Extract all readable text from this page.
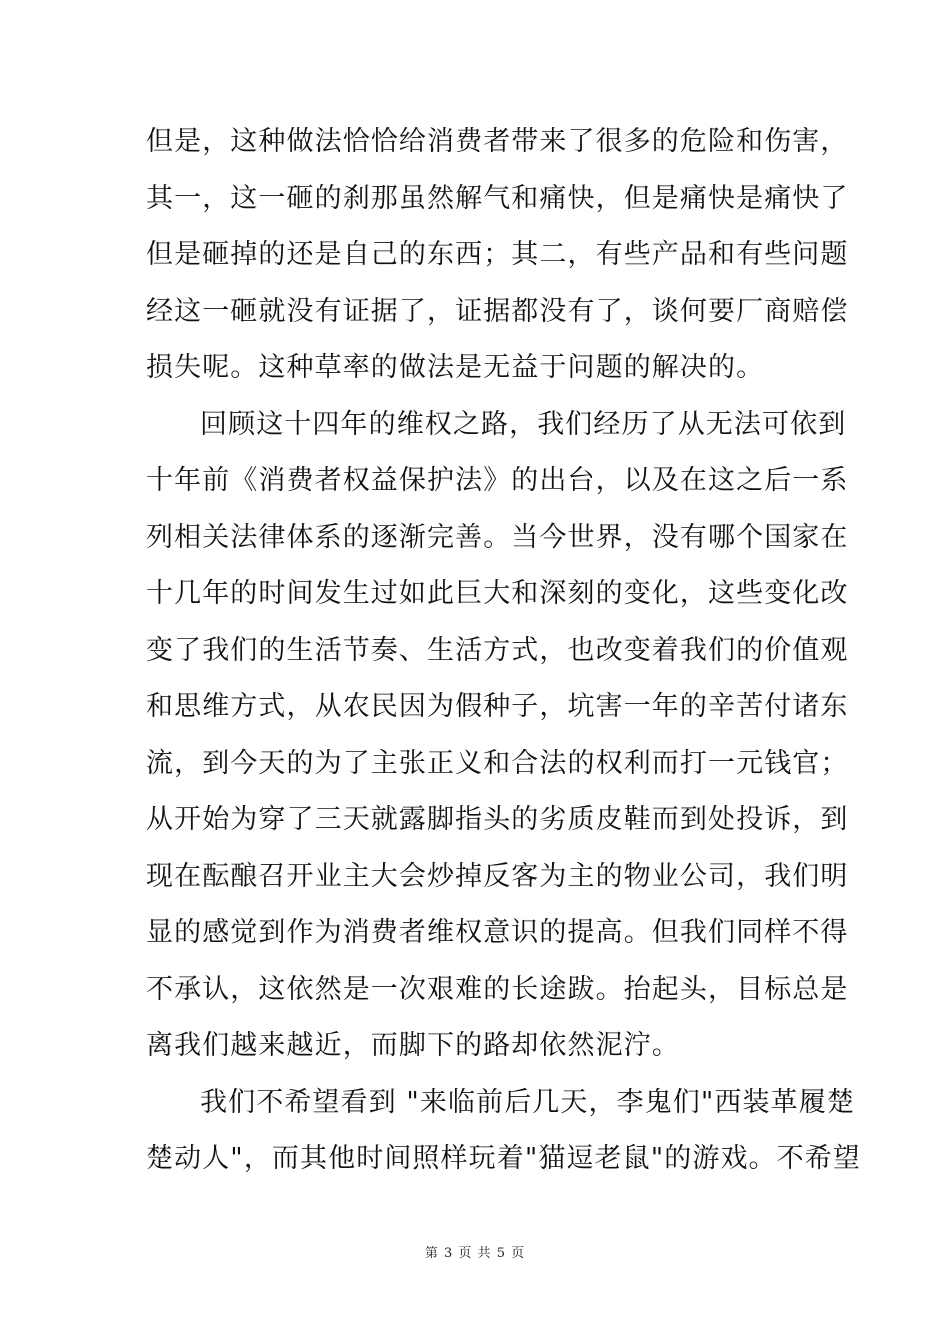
但是，这种做法恰恰给消费者带来了很多的危险和伤害，
其一，这一砸的刹那虽然解气和痛快，但是痛快是痛快了
但是砸掉的还是自己的东西；其二，有些产品和有些问题
经这一砸就没有证据了，证据都没有了，谈何要厂商赔偿
损失呢。这种草率的做法是无益于问题的解决的。
回顾这十四年的维权之路，我们经历了从无法可依到
十年前《消费者权益保护法》的出台，以及在这之后一系
列相关法律体系的逐渐完善。当今世界，没有哪个国家在
十几年的时间发生过如此巨大和深刻的变化，这些变化改
变了我们的生活节奏、生活方式，也改变着我们的价值观
和思维方式，从农民因为假种子，坑害一年的辛苦付诸东
流，到今天的为了主张正义和合法的权利而打一元钱官；
从开始为穿了三天就露脚指头的劣质皮鞋而到处投诉，到
现在酝酿召开业主大会炒掉反客为主的物业公司，我们明
显的感觉到作为消费者维权意识的提高。但我们同样不得
不承认，这依然是一次艰难的长途跋。抬起头，目标总是
离我们越来越近，而脚下的路却依然泥泞。
我们不希望看到 "来临前后几天，李鬼们"西装革履楚
楚动人"，而其他时间照样玩着"猫逗老鼠"的游戏。不希望
第 3 页 共 5 页
